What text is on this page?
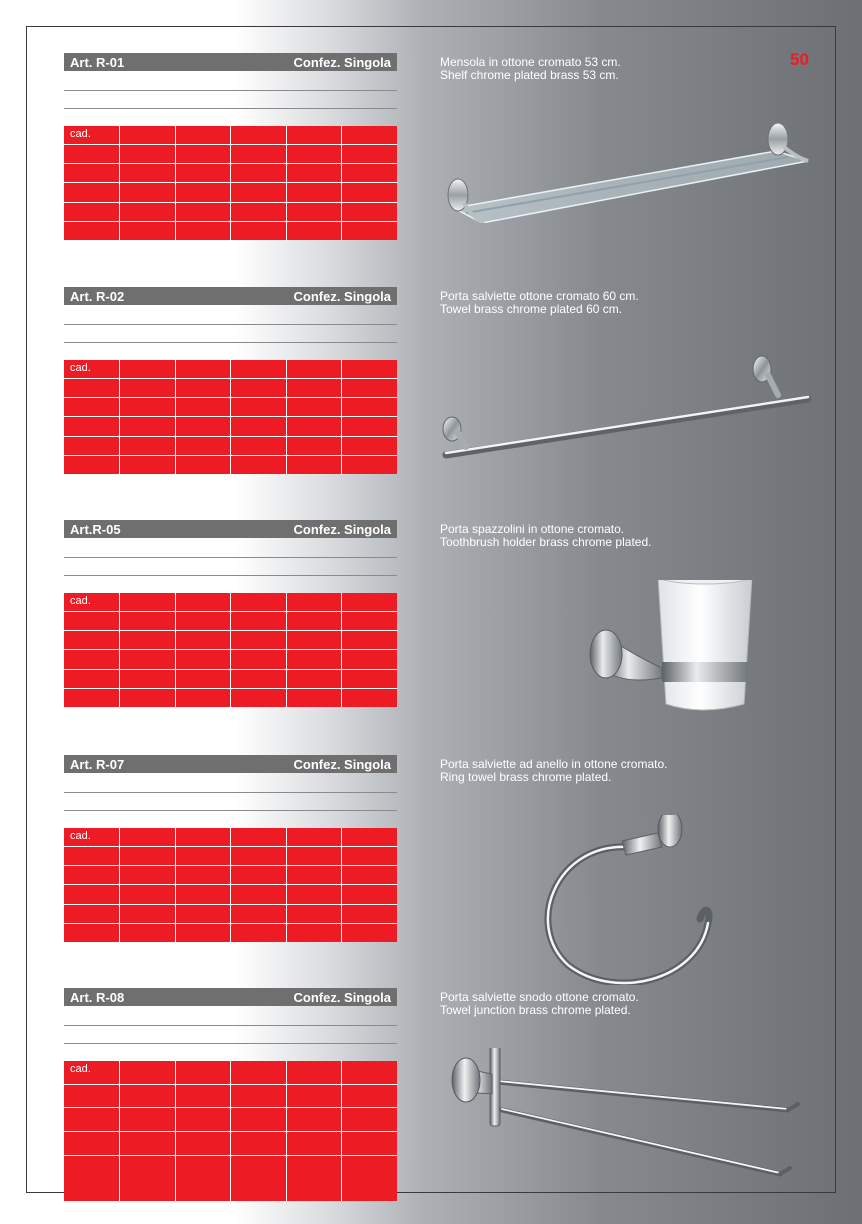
50
Art. R-01	Confez. Singola
cad.
€ 35,00
Mensola in ottone cromato 53 cm.
Shelf chrome plated brass 53 cm.
Art. R-02	Confez. Singola
cad.
€ 28,00
Porta salviette ottone cromato 60 cm.
Towel brass chrome plated 60 cm.
Art.R-05	Confez. Singola
cad.
€ 18,00
Porta spazzolini in ottone cromato.
Toothbrush holder brass chrome plated.
Art. R-07	Confez. Singola
cad.
€ 17,00
Porta salviette ad anello in ottone cromato.
Ring towel brass chrome plated.
Art. R-08	Confez. Singola
cad.
€ 32,00
Porta salviette snodo ottone cromato.
Towel junction brass chrome plated.
